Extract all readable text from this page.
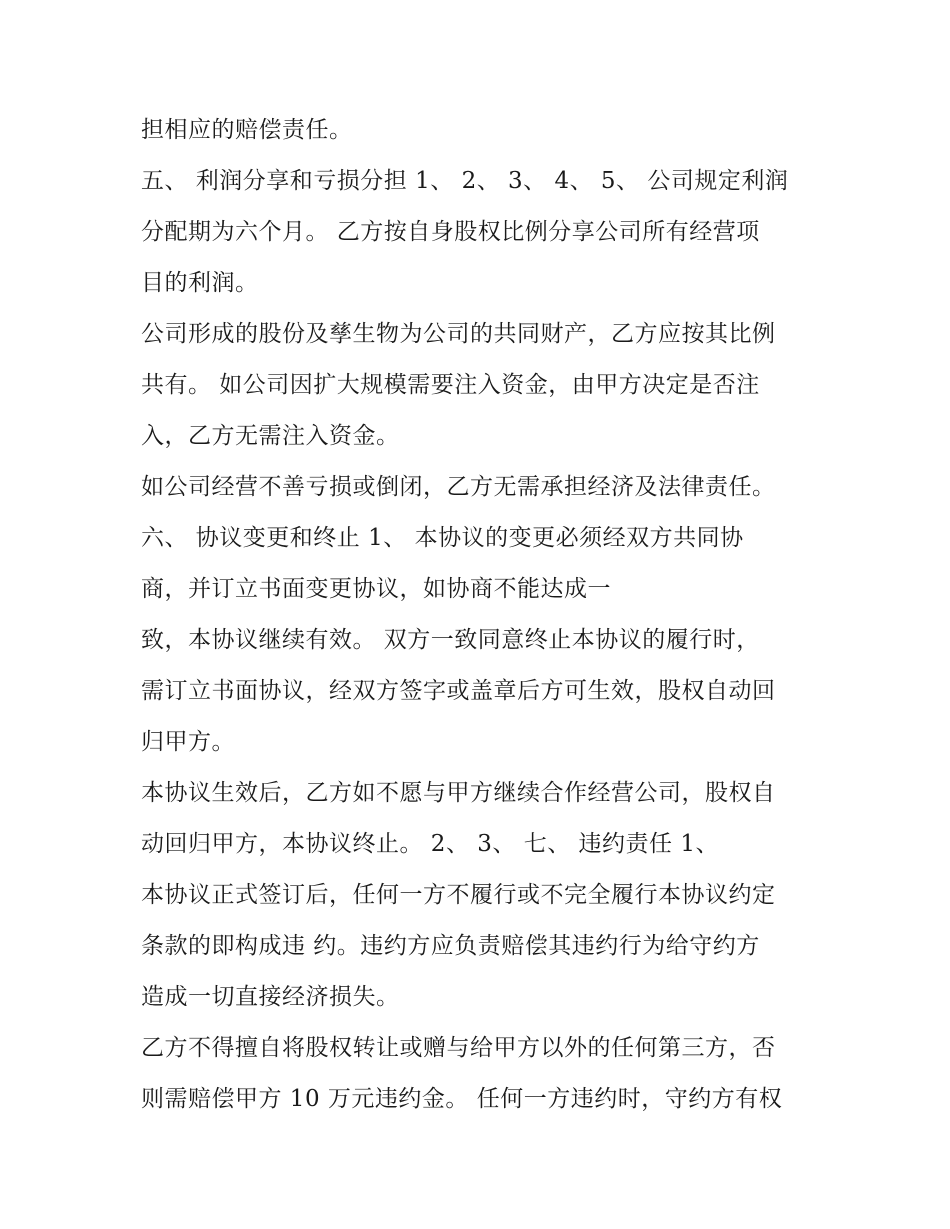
担相应的赔偿责任。
五、 利润分享和亏损分担 1、 2、 3、 4、 5、 公司规定利润
分配期为六个月。 乙方按自身股权比例分享公司所有经营项
目的利润。
公司形成的股份及孳生物为公司的共同财产，乙方应按其比例
共有。 如公司因扩大规模需要注入资金，由甲方决定是否注
入，乙方无需注入资金。
如公司经营不善亏损或倒闭，乙方无需承担经济及法律责任。
六、 协议变更和终止 1、 本协议的变更必须经双方共同协
商，并订立书面变更协议，如协商不能达成一
致，本协议继续有效。 双方一致同意终止本协议的履行时，
需订立书面协议，经双方签字或盖章后方可生效，股权自动回
归甲方。
本协议生效后，乙方如不愿与甲方继续合作经营公司，股权自
动回归甲方，本协议终止。 2、 3、 七、 违约责任 1、
本协议正式签订后，任何一方不履行或不完全履行本协议约定
条款的即构成违 约。违约方应负责赔偿其违约行为给守约方
造成一切直接经济损失。
乙方不得擅自将股权转让或赠与给甲方以外的任何第三方，否
则需赔偿甲方 10 万元违约金。 任何一方违约时，守约方有权
